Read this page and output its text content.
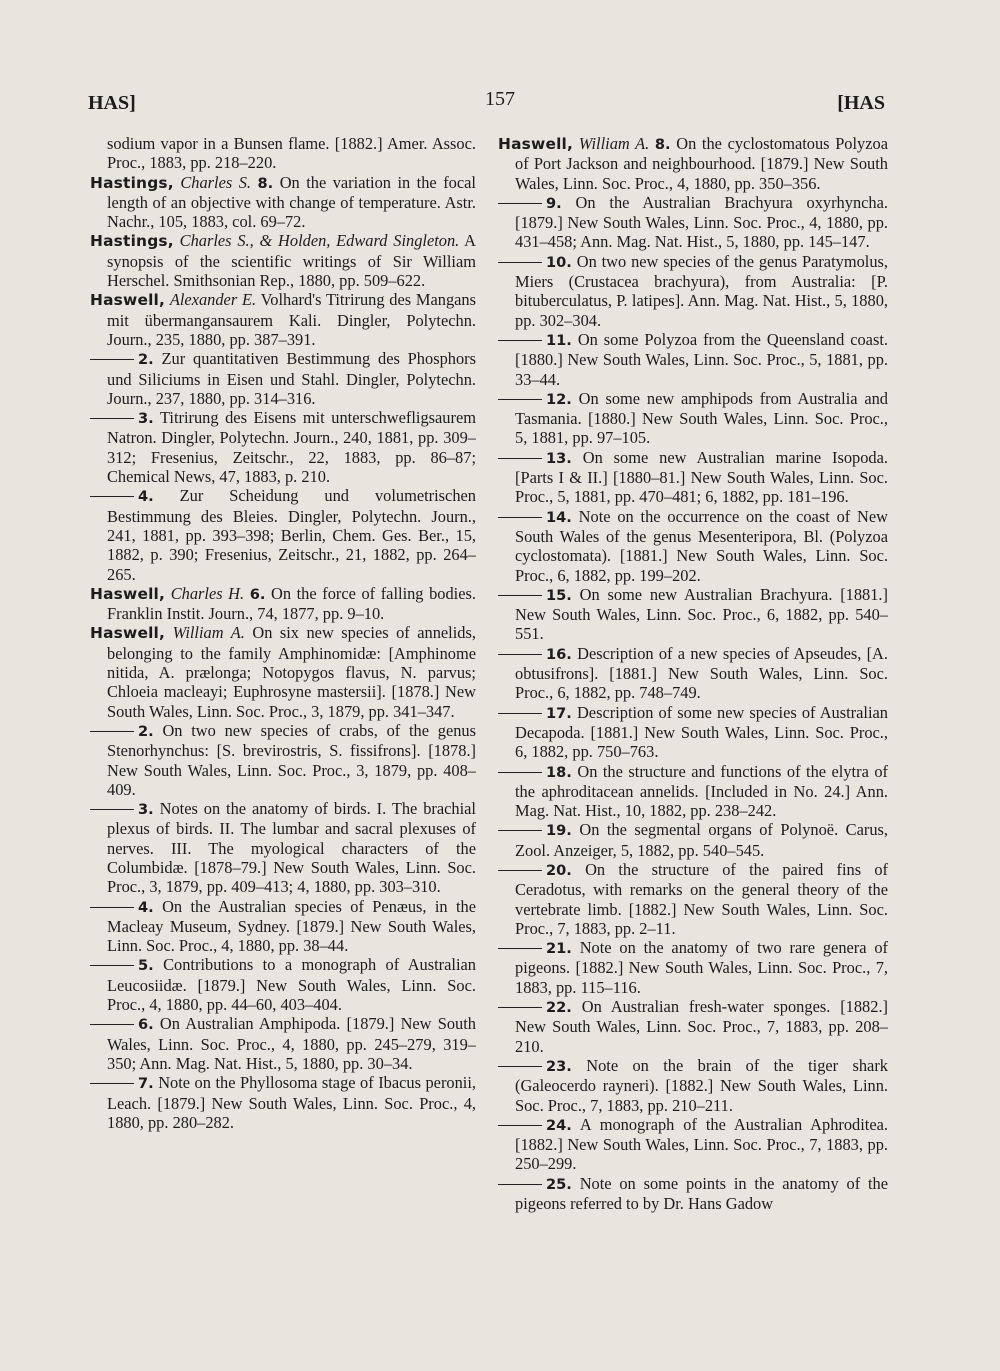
HAS]	157	[HAS

sodium vapor in a Bunsen flame. [1882.] Amer. Assoc. Proc., 1883, pp. 218–220.

Hastings, Charles S. 8. On the variation in the focal length of an objective with change of temperature. Astr. Nachr., 105, 1883, col. 69–72.

Hastings, Charles S., & Holden, Edward Singleton. A synopsis of the scientific writings of Sir William Herschel. Smithsonian Rep., 1880, pp. 509–622.

Haswell, Alexander E. Volhard's Titrirung des Mangans mit übermangansaurem Kali. Dingler, Polytechn. Journ., 235, 1880, pp. 387–391.

2. Zur quantitativen Bestimmung des Phosphors und Siliciums in Eisen und Stahl. Dingler, Polytechn. Journ., 237, 1880, pp. 314–316.

3. Titrirung des Eisens mit unterschwefligsaurem Natron. Dingler, Polytechn. Journ., 240, 1881, pp. 309–312; Fresenius, Zeitschr., 22, 1883, pp. 86–87; Chemical News, 47, 1883, p. 210.

4. Zur Scheidung und volumetrischen Bestimmung des Bleies. Dingler, Polytechn. Journ., 241, 1881, pp. 393–398; Berlin, Chem. Ges. Ber., 15, 1882, p. 390; Fresenius, Zeitschr., 21, 1882, pp. 264–265.

Haswell, Charles H. 6. On the force of falling bodies. Franklin Instit. Journ., 74, 1877, pp. 9–10.

Haswell, William A. On six new species of annelids, belonging to the family Amphinomidæ: [Amphinome nitida, A. prælonga; Notopygos flavus, N. parvus; Chloeia macleayi; Euphrosyne mastersii]. [1878.] New South Wales, Linn. Soc. Proc., 3, 1879, pp. 341–347.

2. On two new species of crabs, of the genus Stenorhynchus: [S. brevirostris, S. fissifrons]. [1878.] New South Wales, Linn. Soc. Proc., 3, 1879, pp. 408–409.

3. Notes on the anatomy of birds. I. The brachial plexus of birds. II. The lumbar and sacral plexuses of nerves. III. The myological characters of the Columbidæ. [1878–79.] New South Wales, Linn. Soc. Proc., 3, 1879, pp. 409–413; 4, 1880, pp. 303–310.

4. On the Australian species of Penæus, in the Macleay Museum, Sydney. [1879.] New South Wales, Linn. Soc. Proc., 4, 1880, pp. 38–44.

5. Contributions to a monograph of Australian Leucosiidæ. [1879.] New South Wales, Linn. Soc. Proc., 4, 1880, pp. 44–60, 403–404.

6. On Australian Amphipoda. [1879.] New South Wales, Linn. Soc. Proc., 4, 1880, pp. 245–279, 319–350; Ann. Mag. Nat. Hist., 5, 1880, pp. 30–34.

7. Note on the Phyllosoma stage of Ibacus peronii, Leach. [1879.] New South Wales, Linn. Soc. Proc., 4, 1880, pp. 280–282.

Haswell, William A. 8. On the cyclostomatous Polyzoa of Port Jackson and neighbourhood. [1879.] New South Wales, Linn. Soc. Proc., 4, 1880, pp. 350–356.

9. On the Australian Brachyura oxyrhyncha. [1879.] New South Wales, Linn. Soc. Proc., 4, 1880, pp. 431–458; Ann. Mag. Nat. Hist., 5, 1880, pp. 145–147.

10. On two new species of the genus Paratymolus, Miers (Crustacea brachyura), from Australia: [P. bituberculatus, P. latipes]. Ann. Mag. Nat. Hist., 5, 1880, pp. 302–304.

11. On some Polyzoa from the Queensland coast. [1880.] New South Wales, Linn. Soc. Proc., 5, 1881, pp. 33–44.

12. On some new amphipods from Australia and Tasmania. [1880.] New South Wales, Linn. Soc. Proc., 5, 1881, pp. 97–105.

13. On some new Australian marine Isopoda. [Parts I & II.] [1880–81.] New South Wales, Linn. Soc. Proc., 5, 1881, pp. 470–481; 6, 1882, pp. 181–196.

14. Note on the occurrence on the coast of New South Wales of the genus Mesenteripora, Bl. (Polyzoa cyclostomata). [1881.] New South Wales, Linn. Soc. Proc., 6, 1882, pp. 199–202.

15. On some new Australian Brachyura. [1881.] New South Wales, Linn. Soc. Proc., 6, 1882, pp. 540–551.

16. Description of a new species of Apseudes, [A. obtusifrons]. [1881.] New South Wales, Linn. Soc. Proc., 6, 1882, pp. 748–749.

17. Description of some new species of Australian Decapoda. [1881.] New South Wales, Linn. Soc. Proc., 6, 1882, pp. 750–763.

18. On the structure and functions of the elytra of the aphroditacean annelids. [Included in No. 24.] Ann. Mag. Nat. Hist., 10, 1882, pp. 238–242.

19. On the segmental organs of Polynoë. Carus, Zool. Anzeiger, 5, 1882, pp. 540–545.

20. On the structure of the paired fins of Ceradotus, with remarks on the general theory of the vertebrate limb. [1882.] New South Wales, Linn. Soc. Proc., 7, 1883, pp. 2–11.

21. Note on the anatomy of two rare genera of pigeons. [1882.] New South Wales, Linn. Soc. Proc., 7, 1883, pp. 115–116.

22. On Australian fresh-water sponges. [1882.] New South Wales, Linn. Soc. Proc., 7, 1883, pp. 208–210.

23. Note on the brain of the tiger shark (Galeocerdo rayneri). [1882.] New South Wales, Linn. Soc. Proc., 7, 1883, pp. 210–211.

24. A monograph of the Australian Aphroditea. [1882.] New South Wales, Linn. Soc. Proc., 7, 1883, pp. 250–299.

25. Note on some points in the anatomy of the pigeons referred to by Dr. Hans Gadow
